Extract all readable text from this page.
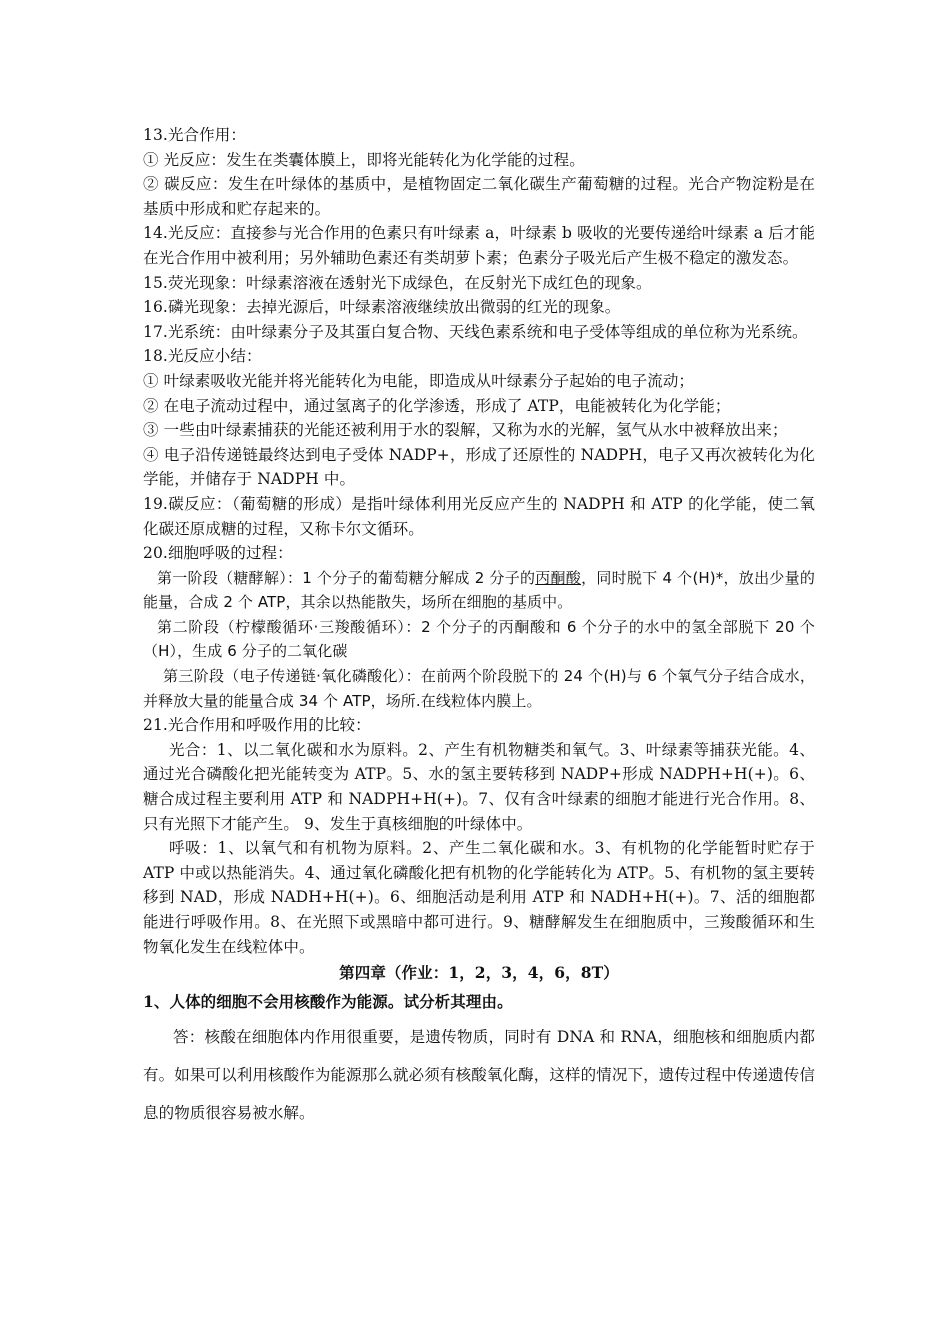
13.光合作用：

① 光反应：发生在类囊体膜上，即将光能转化为化学能的过程。

② 碳反应：发生在叶绿体的基质中，是植物固定二氧化碳生产葡萄糖的过程。光合产物淀粉是在基质中形成和贮存起来的。

14.光反应：直接参与光合作用的色素只有叶绿素 a，叶绿素 b 吸收的光要传递给叶绿素 a 后才能在光合作用中被利用；另外辅助色素还有类胡萝卜素；色素分子吸光后产生极不稳定的激发态。

15.荧光现象：叶绿素溶液在透射光下成绿色，在反射光下成红色的现象。

16.磷光现象：去掉光源后，叶绿素溶液继续放出微弱的红光的现象。

17.光系统：由叶绿素分子及其蛋白复合物、天线色素系统和电子受体等组成的单位称为光系统。

18.光反应小结：

① 叶绿素吸收光能并将光能转化为电能，即造成从叶绿素分子起始的电子流动；

② 在电子流动过程中，通过氢离子的化学渗透，形成了 ATP，电能被转化为化学能；

③ 一些由叶绿素捕获的光能还被利用于水的裂解，又称为水的光解，氢气从水中被释放出来；

④ 电子沿传递链最终达到电子受体 NADP+，形成了还原性的 NADPH，电子又再次被转化为化学能，并储存于 NADPH 中。

19.碳反应：（葡萄糖的形成）是指叶绿体利用光反应产生的 NADPH 和 ATP 的化学能，使二氧化碳还原成糖的过程，又称卡尔文循环。

20.细胞呼吸的过程：

第一阶段（糖酵解）：1 个分子的葡萄糖分解成 2 分子的丙酮酸，同时脱下 4 个(H)*，放出少量的能量，合成 2 个 ATP，其余以热能散失，场所在细胞的基质中。

第二阶段（柠檬酸循环·三羧酸循环）：2 个分子的丙酮酸和 6 个分子的水中的氢全部脱下 20 个（H），生成 6 分子的二氧化碳

第三阶段（电子传递链·氧化磷酸化）：在前两个阶段脱下的 24 个(H)与 6 个氧气分子结合成水，并释放大量的能量合成 34 个 ATP，场所.在线粒体内膜上。

21.光合作用和呼吸作用的比较：

光合：1、以二氧化碳和水为原料。2、产生有机物糖类和氧气。3、叶绿素等捕获光能。4、通过光合磷酸化把光能转变为 ATP。5、水的氢主要转移到 NADP+形成 NADPH+H(+)。6、糖合成过程主要利用 ATP 和 NADPH+H(+)。7、仅有含叶绿素的细胞才能进行光合作用。8、只有光照下才能产生。 9、发生于真核细胞的叶绿体中。

呼吸：1、以氧气和有机物为原料。2、产生二氧化碳和水。3、有机物的化学能暂时贮存于 ATP 中或以热能消失。4、通过氧化磷酸化把有机物的化学能转化为 ATP。5、有机物的氢主要转移到 NAD，形成 NADH+H(+)。6、细胞活动是利用 ATP 和 NADH+H(+)。7、活的细胞都能进行呼吸作用。8、在光照下或黑暗中都可进行。9、糖酵解发生在细胞质中，三羧酸循环和生物氧化发生在线粒体中。

第四章（作业：1，2，3，4，6，8T）

1、人体的细胞不会用核酸作为能源。试分析其理由。

答：核酸在细胞体内作用很重要，是遗传物质，同时有 DNA 和 RNA，细胞核和细胞质内都有。如果可以利用核酸作为能源那么就必须有核酸氧化酶，这样的情况下，遗传过程中传递遗传信息的物质很容易被水解。
